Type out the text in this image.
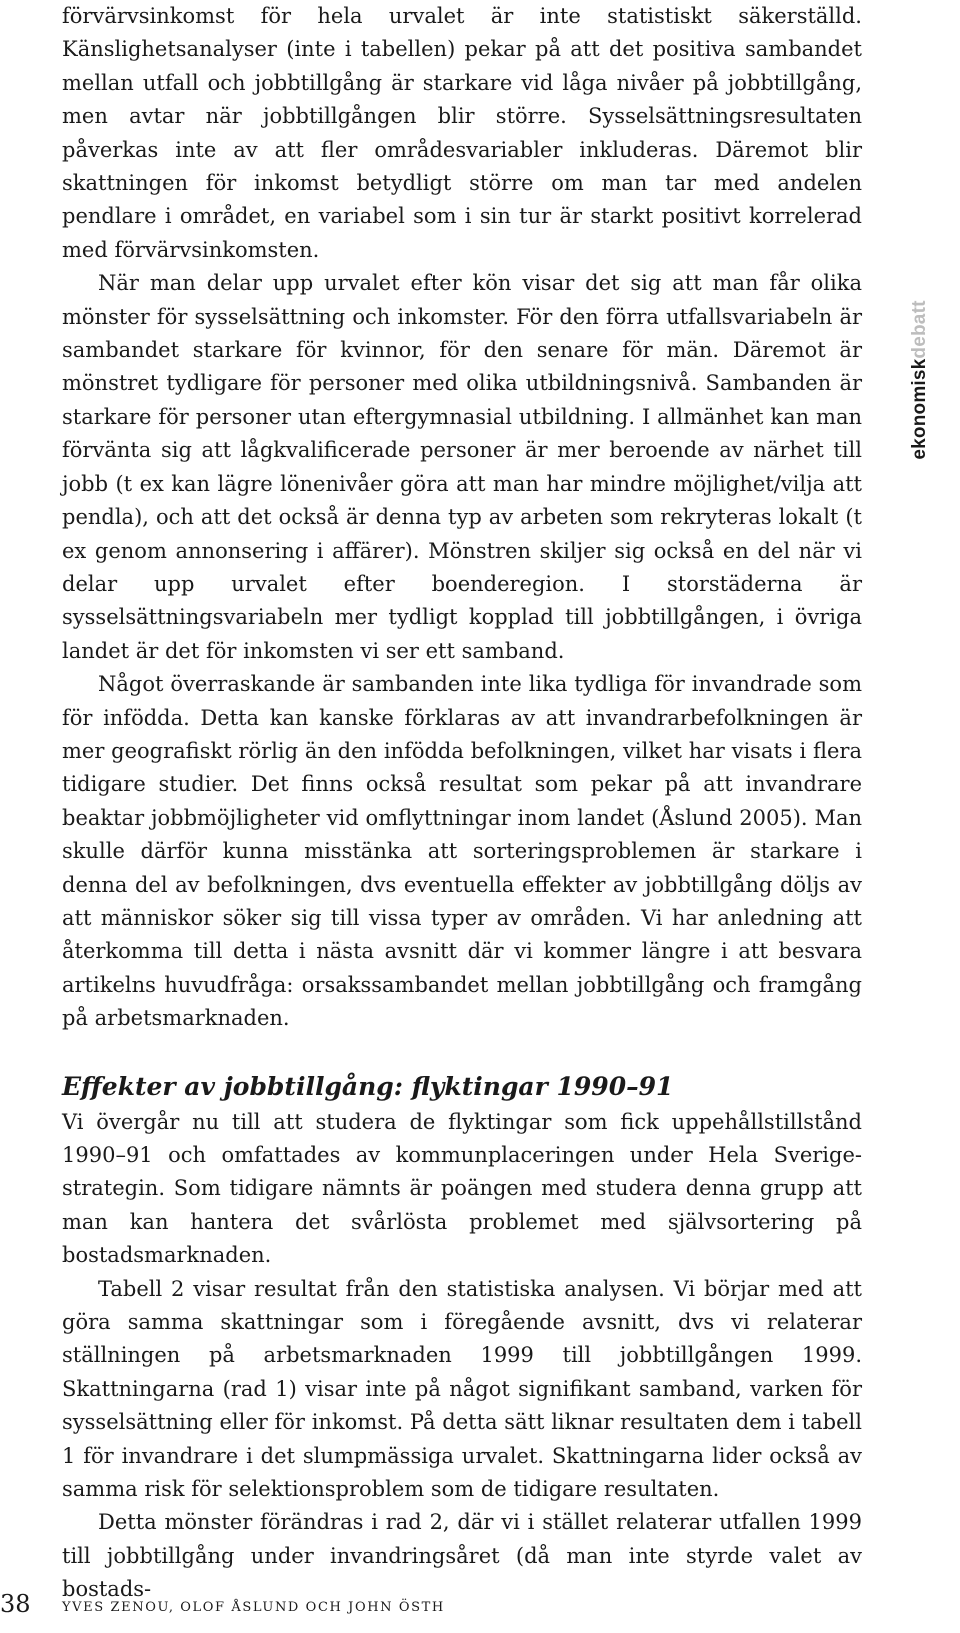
förvärvsinkomst för hela urvalet är inte statistiskt säkerställd. Känslighetsanalyser (inte i tabellen) pekar på att det positiva sambandet mellan utfall och jobbtillgång är starkare vid låga nivåer på jobbtillgång, men avtar när jobbtillgången blir större. Sysselsättningsresultaten påverkas inte av att fler områdesvariabler inkluderas. Däremot blir skattningen för inkomst betydligt större om man tar med andelen pendlare i området, en variabel som i sin tur är starkt positivt korrelerad med förvärvsinkomsten.

När man delar upp urvalet efter kön visar det sig att man får olika mönster för sysselsättning och inkomster. För den förra utfallsvariabeln är sambandet starkare för kvinnor, för den senare för män. Däremot är mönstret tydligare för personer med olika utbildningsnivå. Sambanden är starkare för personer utan eftergymnasial utbildning. I allmänhet kan man förvänta sig att lågkvalificerade personer är mer beroende av närhet till jobb (t ex kan lägre lönenivåer göra att man har mindre möjlighet/vilja att pendla), och att det också är denna typ av arbeten som rekryteras lokalt (t ex genom annonsering i affärer). Mönstren skiljer sig också en del när vi delar upp urvalet efter boenderegion. I storstäderna är sysselsättningsvariabeln mer tydligt kopplad till jobbtillgången, i övriga landet är det för inkomsten vi ser ett samband.

Något överraskande är sambanden inte lika tydliga för invandrade som för infödda. Detta kan kanske förklaras av att invandrarbefolkningen är mer geografiskt rörlig än den infödda befolkningen, vilket har visats i flera tidigare studier. Det finns också resultat som pekar på att invandrare beaktar jobbmöjligheter vid omflyttningar inom landet (Åslund 2005). Man skulle därför kunna misstänka att sorteringsproblemen är starkare i denna del av befolkningen, dvs eventuella effekter av jobbtillgång döljs av att människor söker sig till vissa typer av områden. Vi har anledning att återkomma till detta i nästa avsnitt där vi kommer längre i att besvara artikelns huvudfråga: orsakssambandet mellan jobbtillgång och framgång på arbetsmarknaden.

Effekter av jobbtillgång: flyktingar 1990–91

Vi övergår nu till att studera de flyktingar som fick uppehållstillstånd 1990–91 och omfattades av kommunplaceringen under Hela Sverige-strategin. Som tidigare nämnts är poängen med studera denna grupp att man kan hantera det svårlösta problemet med självsortering på bostadsmarknaden.

Tabell 2 visar resultat från den statistiska analysen. Vi börjar med att göra samma skattningar som i föregående avsnitt, dvs vi relaterar ställningen på arbetsmarknaden 1999 till jobbtillgången 1999. Skattningarna (rad 1) visar inte på något signifikant samband, varken för sysselsättning eller för inkomst. På detta sätt liknar resultaten dem i tabell 1 för invandrare i det slumpmässiga urvalet. Skattningarna lider också av samma risk för selektionsproblem som de tidigare resultaten.

Detta mönster förändras i rad 2, där vi i stället relaterar utfallen 1999 till jobbtillgång under invandringsåret (då man inte styrde valet av bostads-

ekonomiskdebatt
38 YVES ZENOU, OLOF ÅSLUND OCH JOHN ÖSTH
